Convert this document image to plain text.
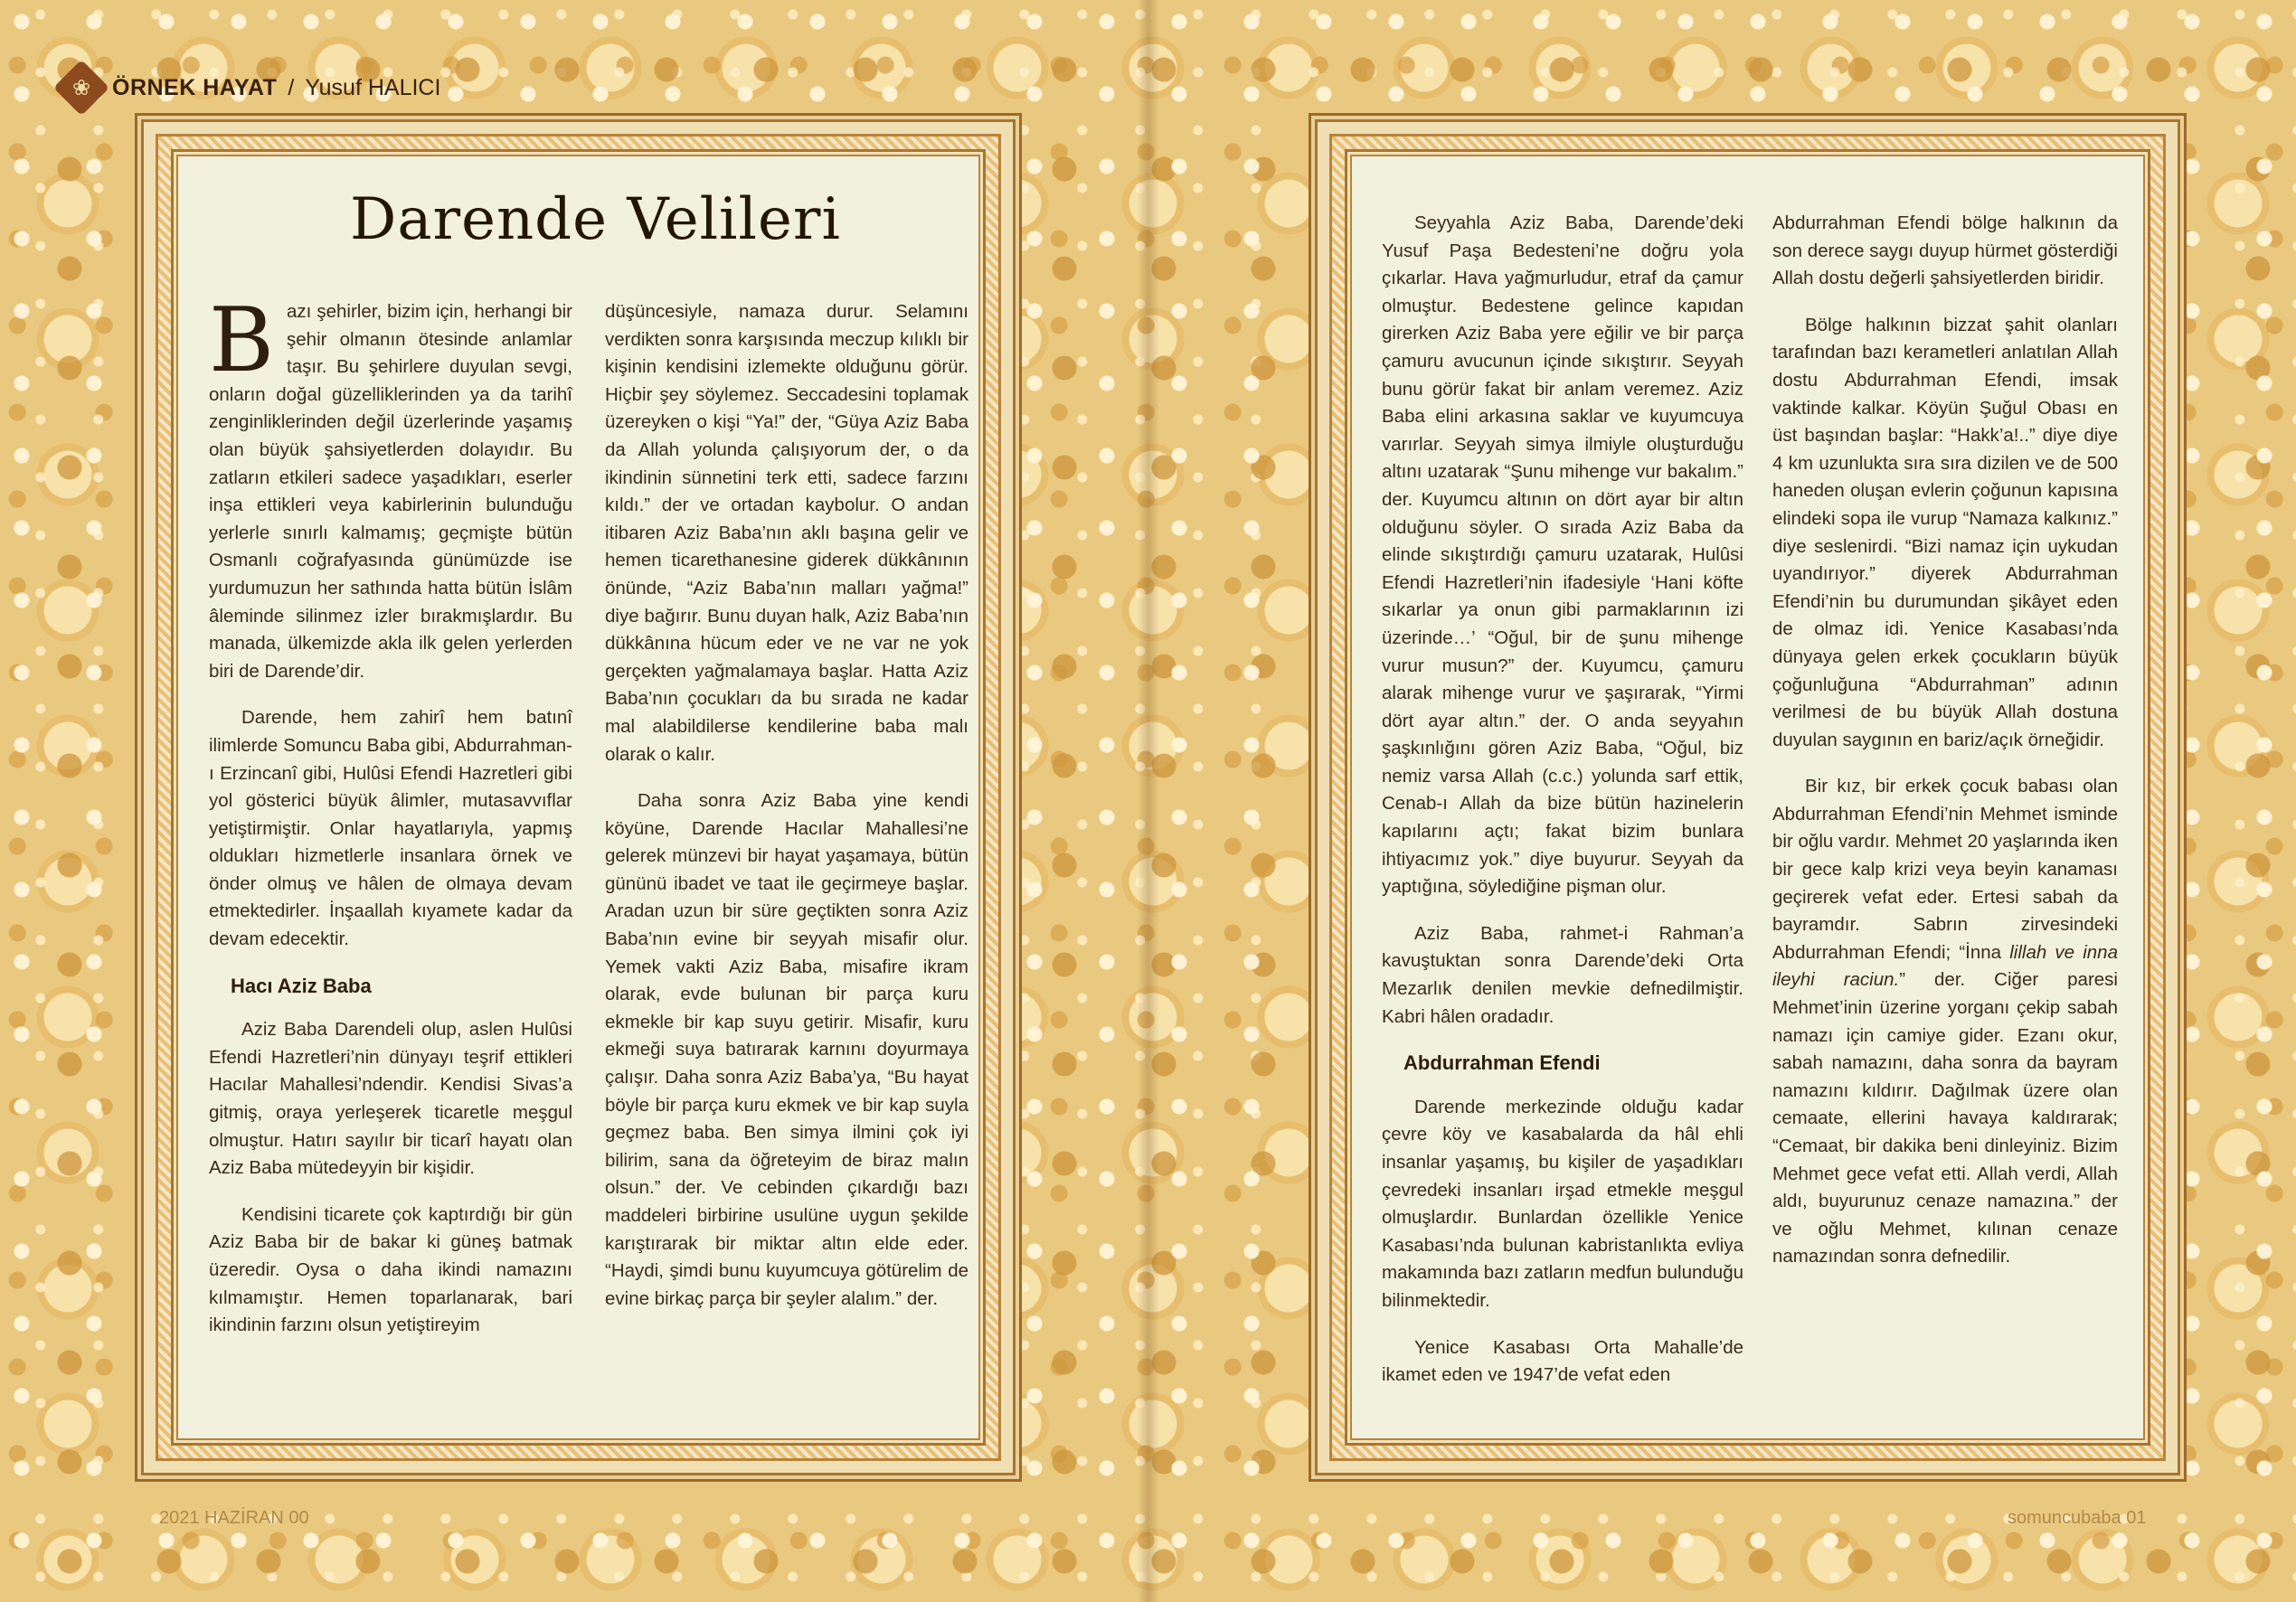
❀ ÖRNEK HAYAT / Yusuf HALICI
Darende Velileri

Bazı şehirler, bizim için, herhangi bir şehir olmanın ötesinde anlamlar taşır. Bu şehirlere duyulan sevgi, onların doğal güzelliklerinden ya da tarihî zenginliklerinden değil üzerlerinde yaşamış olan büyük şahsiyetlerden dolayıdır. Bu zatların etkileri sadece yaşadıkları, eserler inşa ettikleri veya kabirlerinin bulunduğu yerlerle sınırlı kalmamış; geçmişte bütün Osmanlı coğrafyasında günümüzde ise yurdumuzun her sathında hatta bütün İslâm âleminde silinmez izler bırakmışlardır. Bu manada, ülkemizde akla ilk gelen yerlerden biri de Darende’dir.

Darende, hem zahirî hem batınî ilimlerde Somuncu Baba gibi, Abdurrahman-ı Erzincanî gibi, Hulûsi Efendi Hazretleri gibi yol gösterici büyük âlimler, mutasavvıflar yetiştirmiştir. Onlar hayatlarıyla, yapmış oldukları hizmetlerle insanlara örnek ve önder olmuş ve hâlen de olmaya devam etmektedirler. İnşaallah kıyamete kadar da devam edecektir.

Hacı Aziz Baba

Aziz Baba Darendeli olup, aslen Hulûsi Efendi Hazretleri’nin dünyayı teşrif ettikleri Hacılar Mahallesi’ndendir. Kendisi Sivas’a gitmiş, oraya yerleşerek ticaretle meşgul olmuştur. Hatırı sayılır bir ticarî hayatı olan Aziz Baba mütedeyyin bir kişidir.

Kendisini ticarete çok kaptırdığı bir gün Aziz Baba bir de bakar ki güneş batmak üzeredir. Oysa o daha ikindi namazını kılmamıştır. Hemen toparlanarak, bari ikindinin farzını olsun yetiştireyim

düşüncesiyle, namaza durur. Selamını verdikten sonra karşısında meczup kılıklı bir kişinin kendisini izlemekte olduğunu görür. Hiçbir şey söylemez. Seccadesini toplamak üzereyken o kişi “Ya!” der, “Güya Aziz Baba da Allah yolunda çalışıyorum der, o da ikindinin sünnetini terk etti, sadece farzını kıldı.” der ve ortadan kaybolur. O andan itibaren Aziz Baba’nın aklı başına gelir ve hemen ticarethanesine giderek dükkânının önünde, “Aziz Baba’nın malları yağma!” diye bağırır. Bunu duyan halk, Aziz Baba’nın dükkânına hücum eder ve ne var ne yok gerçekten yağmalamaya başlar. Hatta Aziz Baba’nın çocukları da bu sırada ne kadar mal alabildilerse kendilerine baba malı olarak o kalır.

Daha sonra Aziz Baba yine kendi köyüne, Darende Hacılar Mahallesi’ne gelerek münzevi bir hayat yaşamaya, bütün gününü ibadet ve taat ile geçirmeye başlar. Aradan uzun bir süre geçtikten sonra Aziz Baba’nın evine bir seyyah misafir olur. Yemek vakti Aziz Baba, misafire ikram olarak, evde bulunan bir parça kuru ekmekle bir kap suyu getirir. Misafir, kuru ekmeği suya batırarak karnını doyurmaya çalışır. Daha sonra Aziz Baba’ya, “Bu hayat böyle bir parça kuru ekmek ve bir kap suyla geçmez baba. Ben simya ilmini çok iyi bilirim, sana da öğreteyim de biraz malın olsun.” der. Ve cebinden çıkardığı bazı maddeleri birbirine usulüne uygun şekilde karıştırarak bir miktar altın elde eder. “Haydi, şimdi bunu kuyumcuya götürelim de evine birkaç parça bir şeyler alalım.” der.

Seyyahla Aziz Baba, Darende’deki Yusuf Paşa Bedesteni’ne doğru yola çıkarlar. Hava yağmurludur, etraf da çamur olmuştur. Bedestene gelince kapıdan girerken Aziz Baba yere eğilir ve bir parça çamuru avucunun içinde sıkıştırır. Seyyah bunu görür fakat bir anlam veremez. Aziz Baba elini arkasına saklar ve kuyumcuya varırlar. Seyyah simya ilmiyle oluşturduğu altını uzatarak “Şunu mihenge vur bakalım.” der. Kuyumcu altının on dört ayar bir altın olduğunu söyler. O sırada Aziz Baba da elinde sıkıştırdığı çamuru uzatarak, Hulûsi Efendi Hazretleri’nin ifadesiyle ‘Hani köfte sıkarlar ya onun gibi parmaklarının izi üzerinde…’ “Oğul, bir de şunu mihenge vurur musun?” der. Kuyumcu, çamuru alarak mihenge vurur ve şaşırarak, “Yirmi dört ayar altın.” der. O anda seyyahın şaşkınlığını gören Aziz Baba, “Oğul, biz nemiz varsa Allah (c.c.) yolunda sarf ettik, Cenab-ı Allah da bize bütün hazinelerin kapılarını açtı; fakat bizim bunlara ihtiyacımız yok.” diye buyurur. Seyyah da yaptığına, söylediğine pişman olur.

Aziz Baba, rahmet-i Rahman’a kavuştuktan sonra Darende’deki Orta Mezarlık denilen mevkie defnedilmiştir. Kabri hâlen oradadır.

Abdurrahman Efendi

Darende merkezinde olduğu kadar çevre köy ve kasabalarda da hâl ehli insanlar yaşamış, bu kişiler de yaşadıkları çevredeki insanları irşad etmekle meşgul olmuşlardır. Bunlardan özellikle Yenice Kasabası’nda bulunan kabristanlıkta evliya makamında bazı zatların medfun bulunduğu bilinmektedir.

Yenice Kasabası Orta Mahalle’de ikamet eden ve 1947’de vefat eden

Abdurrahman Efendi bölge halkının da son derece saygı duyup hürmet gösterdiği Allah dostu değerli şahsiyetlerden biridir.

Bölge halkının bizzat şahit olanları tarafından bazı kerametleri anlatılan Allah dostu Abdurrahman Efendi, imsak vaktinde kalkar. Köyün Şuğul Obası en üst başından başlar: “Hakk’a!..” diye diye 4 km uzunlukta sıra sıra dizilen ve de 500 haneden oluşan evlerin çoğunun kapısına elindeki sopa ile vurup “Namaza kalkınız.” diye seslenirdi. “Bizi namaz için uykudan uyandırıyor.” diyerek Abdurrahman Efendi’nin bu durumundan şikâyet eden de olmaz idi. Yenice Kasabası’nda dünyaya gelen erkek çocukların büyük çoğunluğuna “Abdurrahman” adının verilmesi de bu büyük Allah dostuna duyulan saygının en bariz/açık örneğidir.

Bir kız, bir erkek çocuk babası olan Abdurrahman Efendi’nin Mehmet isminde bir oğlu vardır. Mehmet 20 yaşlarında iken bir gece kalp krizi veya beyin kanaması geçirerek vefat eder. Ertesi sabah da bayramdır. Sabrın zirvesindeki Abdurrahman Efendi; “İnna lillah ve inna ileyhi raciun.” der. Ciğer paresi Mehmet’inin üzerine yorganı çekip sabah namazı için camiye gider. Ezanı okur, sabah namazını, daha sonra da bayram namazını kıldırır. Dağılmak üzere olan cemaate, ellerini havaya kaldırarak; “Cemaat, bir dakika beni dinleyiniz. Bizim Mehmet gece vefat etti. Allah verdi, Allah aldı, buyurunuz cenaze namazına.” der ve oğlu Mehmet, kılınan cenaze namazından sonra defnedilir.

2021 HAZİRAN 00	somuncubaba 01
